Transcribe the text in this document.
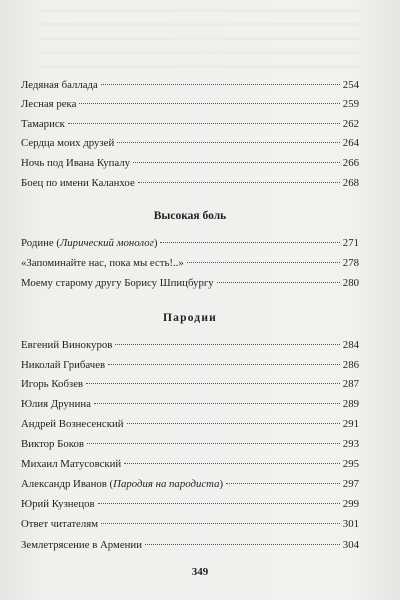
Ледяная баллада	254
Лесная река	259
Тамариск	262
Сердца моих друзей	264
Ночь под Ивана Купалу	266
Боец по имени Каланхое	268
Высокая боль
Родине (Лирический монолог)	271
«Запоминайте нас, пока мы есть!..»	278
Моему старому другу Борису Шпицбургу	280
Пародии
Евгений Винокуров	284
Николай Грибачев	286
Игорь Кобзев	287
Юлия Друнина	289
Андрей Вознесенский	291
Виктор Боков	293
Михаил Матусовский	295
Александр Иванов (Пародия на пародиста)	297
Юрий Кузнецов	299
Ответ читателям	301
Землетрясение в Армении	304
349
